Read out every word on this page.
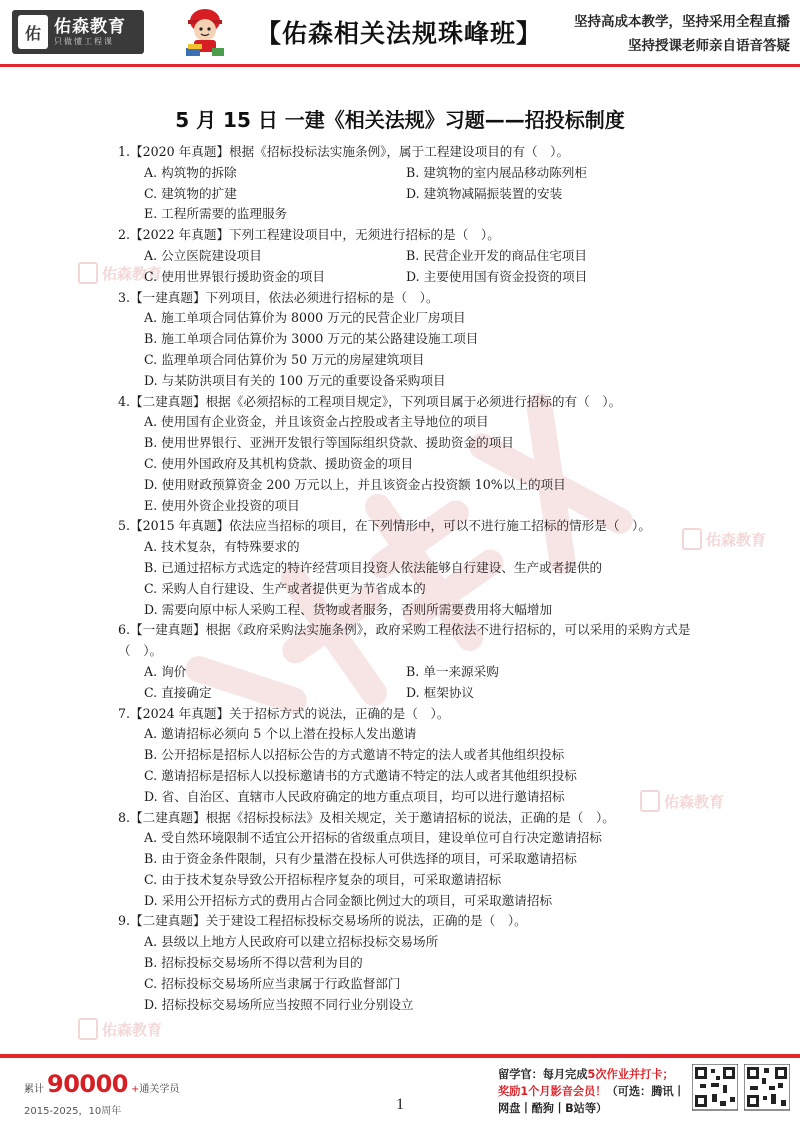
佑 佑森教育
只做懂工程课	【佑森相关法规珠峰班】 坚持高成本教学，坚持采用全程直播
坚持授课老师亲自语音答疑
佑森教育
佑森教育
佑森教育
佑森教育
5 月 15 日 一建《相关法规》习题——招投标制度
1.【2020 年真题】根据《招标投标法实施条例》，属于工程建设项目的有（　）。
A. 构筑物的拆除	B. 建筑物的室内展品移动陈列柜
C. 建筑物的扩建	D. 建筑物减隔振装置的安装
E. 工程所需要的监理服务
2.【2022 年真题】下列工程建设项目中，无须进行招标的是（　）。
A. 公立医院建设项目	B. 民营企业开发的商品住宅项目
C. 使用世界银行援助资金的项目	D. 主要使用国有资金投资的项目
3.【一建真题】下列项目，依法必须进行招标的是（　）。
A. 施工单项合同估算价为 8000 万元的民营企业厂房项目
B. 施工单项合同估算价为 3000 万元的某公路建设施工项目
C. 监理单项合同估算价为 50 万元的房屋建筑项目
D. 与某防洪项目有关的 100 万元的重要设备采购项目
4.【二建真题】根据《必须招标的工程项目规定》，下列项目属于必须进行招标的有（　）。
A. 使用国有企业资金，并且该资金占控股或者主导地位的项目
B. 使用世界银行、亚洲开发银行等国际组织贷款、援助资金的项目
C. 使用外国政府及其机构贷款、援助资金的项目
D. 使用财政预算资金 200 万元以上，并且该资金占投资额 10%以上的项目
E. 使用外资企业投资的项目
5.【2015 年真题】依法应当招标的项目，在下列情形中，可以不进行施工招标的情形是（　）。
A. 技术复杂，有特殊要求的
B. 已通过招标方式选定的特许经营项目投资人依法能够自行建设、生产或者提供的
C. 采购人自行建设、生产或者提供更为节省成本的
D. 需要向原中标人采购工程、货物或者服务，否则所需要费用将大幅增加
6.【一建真题】根据《政府采购法实施条例》，政府采购工程依法不进行招标的，可以采用的采购方式是（　）。
A. 询价	B. 单一来源采购
C. 直接确定	D. 框架协议
7.【2024 年真题】关于招标方式的说法，正确的是（　）。
A. 邀请招标必须向 5 个以上潜在投标人发出邀请
B. 公开招标是招标人以招标公告的方式邀请不特定的法人或者其他组织投标
C. 邀请招标是招标人以投标邀请书的方式邀请不特定的法人或者其他组织投标
D. 省、自治区、直辖市人民政府确定的地方重点项目，均可以进行邀请招标
8.【二建真题】根据《招标投标法》及相关规定，关于邀请招标的说法，正确的是（　）。
A. 受自然环境限制不适宜公开招标的省级重点项目，建设单位可自行决定邀请招标
B. 由于资金条件限制，只有少量潜在投标人可供选择的项目，可采取邀请招标
C. 由于技术复杂导致公开招标程序复杂的项目，可采取邀请招标
D. 采用公开招标方式的费用占合同金额比例过大的项目，可采取邀请招标
9.【二建真题】关于建设工程招标投标交易场所的说法，正确的是（　）。
A. 县级以上地方人民政府可以建立招标投标交易场所
B. 招标投标交易场所不得以营利为目的
C. 招标投标交易场所应当隶属于行政监督部门
D. 招标投标交易场所应当按照不同行业分别设立
累计 90000 + 通关学员
2015-2025，10周年	1
留学官：每月完成5次作业并打卡；
奖励1个月影音会员！（可选：腾讯丨
网盘丨酷狗丨B站等）
